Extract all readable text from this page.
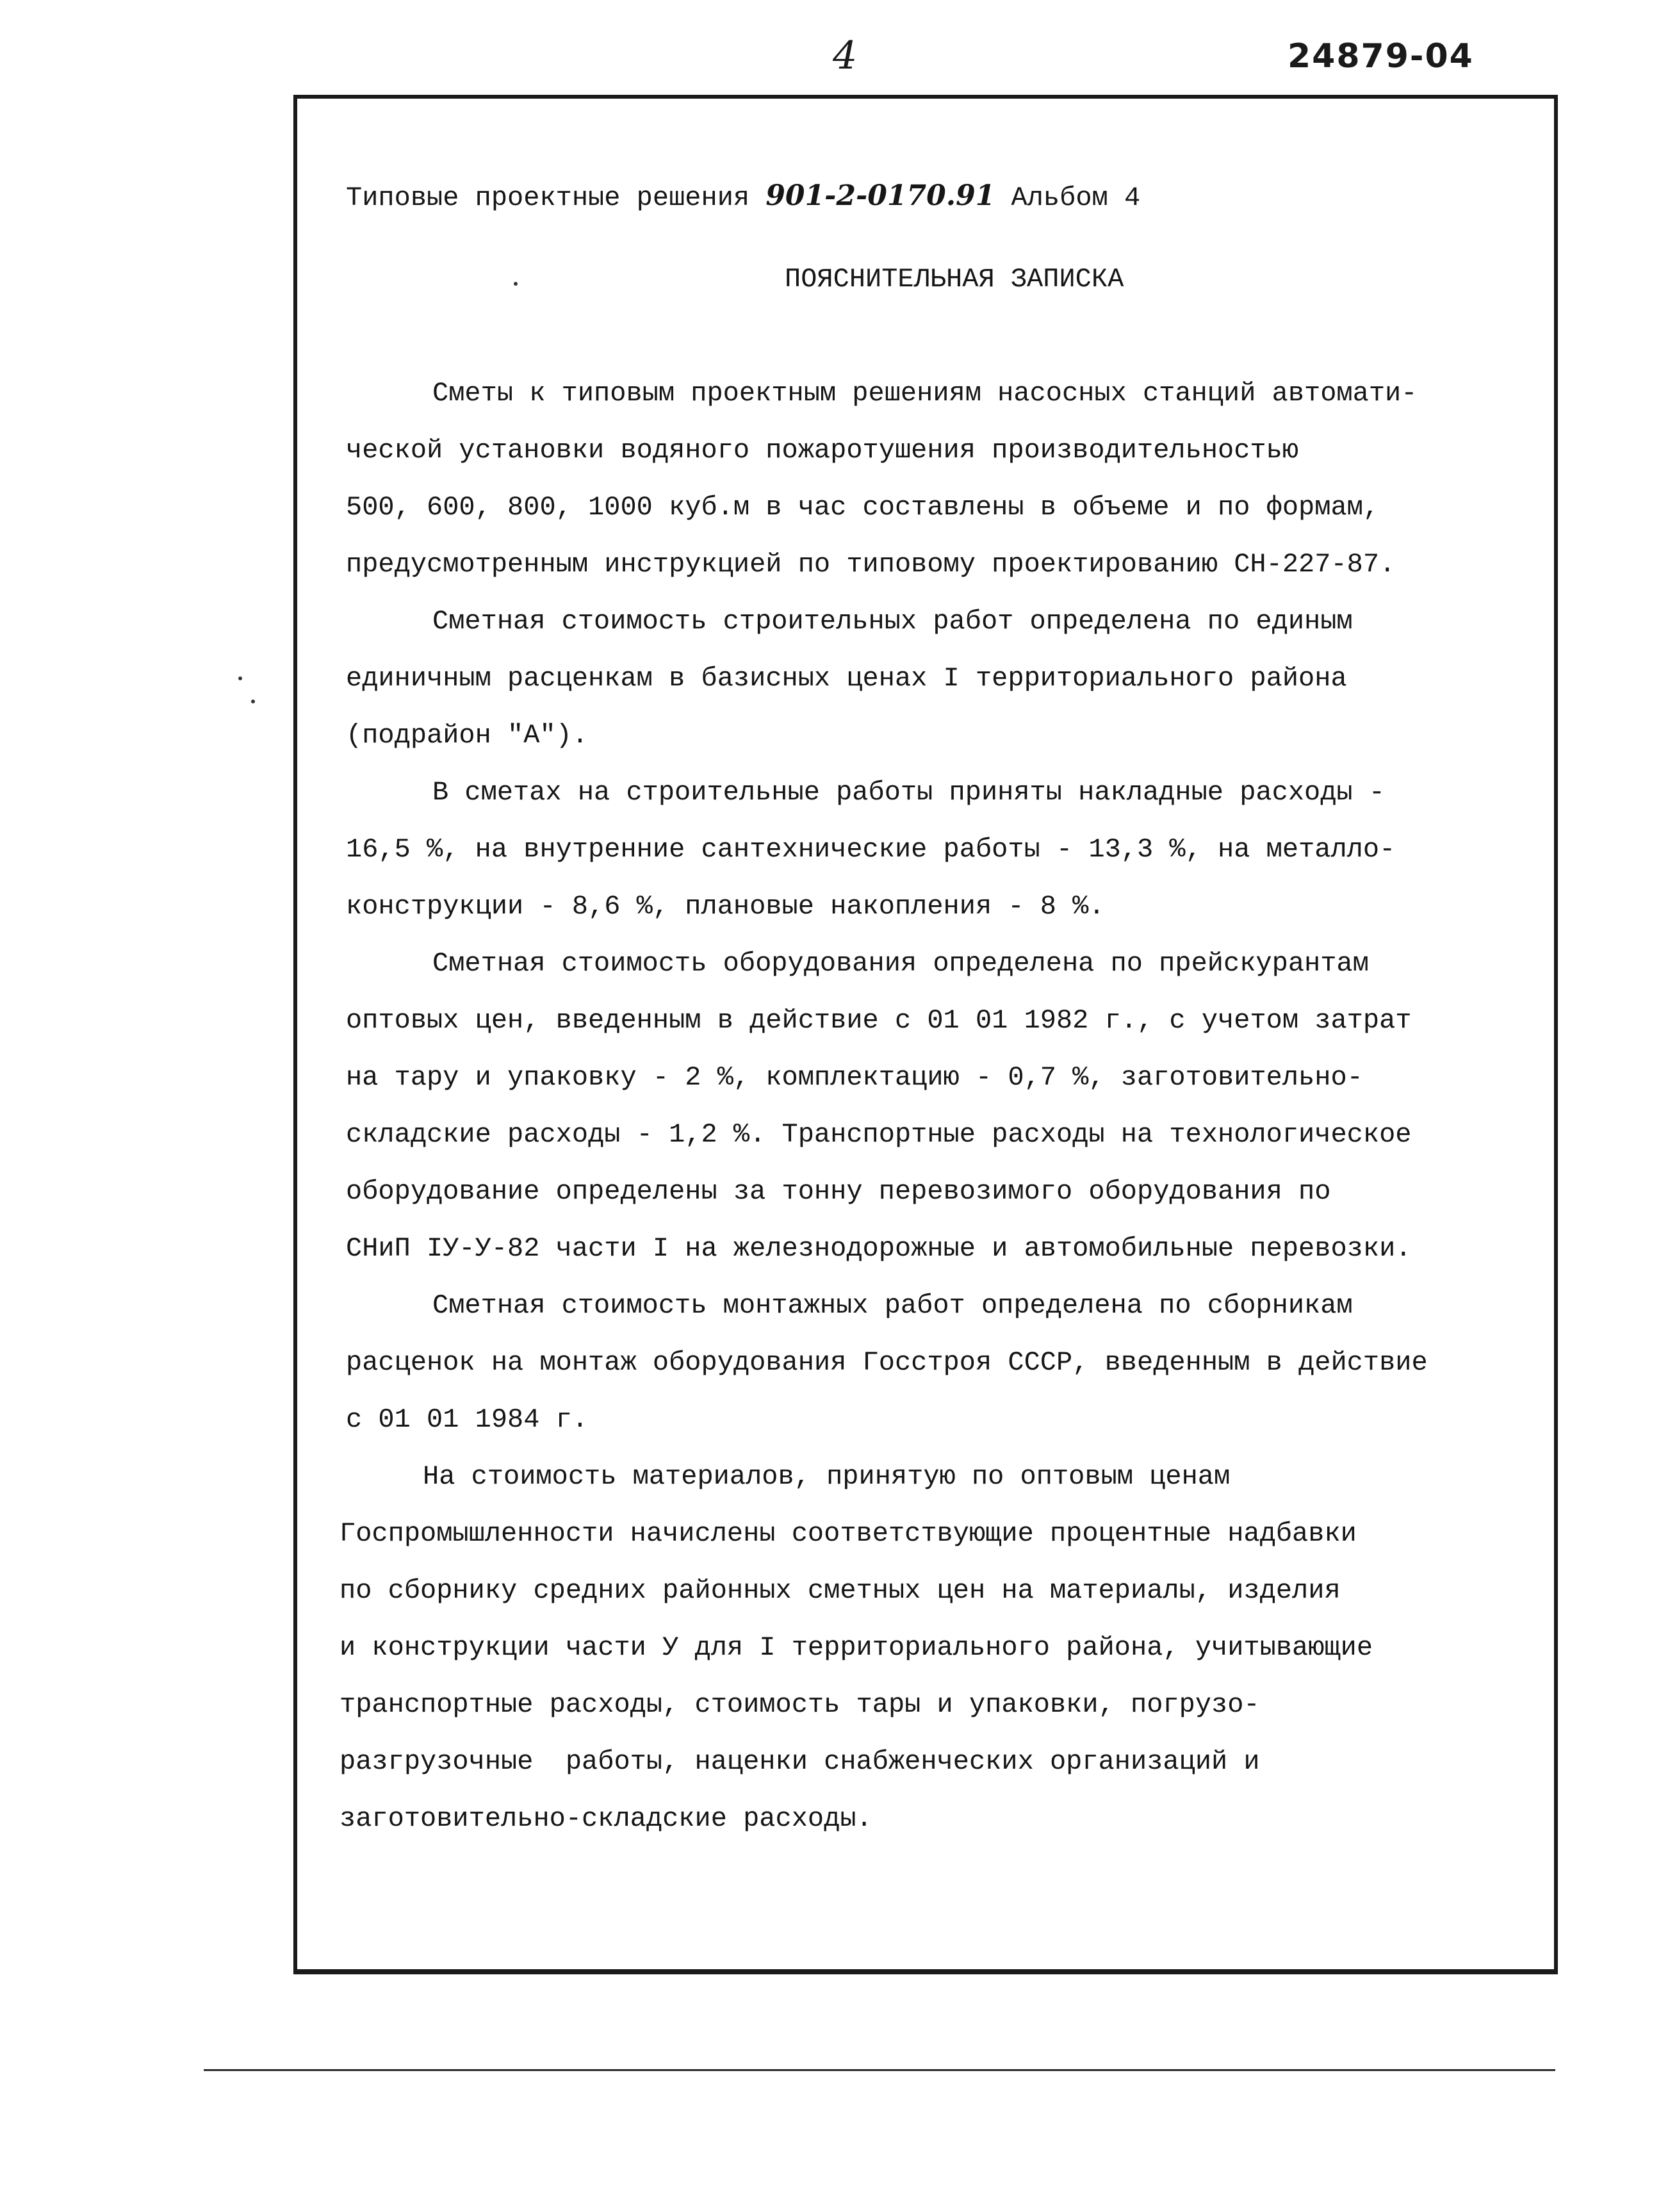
4	24879-04
Типовые проектные решения 901-2-0170.91 Альбом 4
ПОЯСНИТЕЛЬНАЯ ЗАПИСКА
Сметы к типовым проектным решениям насосных станций автомати-
ческой установки водяного пожаротушения производительностью
500, 600, 800, 1000 куб.м в час составлены в объеме и по формам,
предусмотренным инструкцией по типовому проектированию СН-227-87.
Сметная стоимость строительных работ определена по единым
единичным расценкам в базисных ценах I территориального района
(подрайон "А").
В сметах на строительные работы приняты накладные расходы -
16,5 %, на внутренние сантехнические работы - 13,3 %, на металло-
конструкции - 8,6 %, плановые накопления - 8 %.
Сметная стоимость оборудования определена по прейскурантам
оптовых цен, введенным в действие с 01 01 1982 г., с учетом затрат
на тару и упаковку - 2 %, комплектацию - 0,7 %, заготовительно-
складские расходы - 1,2 %. Транспортные расходы на технологическое
оборудование определены за тонну перевозимого оборудования по
СНиП IУ-У-82 части I на железнодорожные и автомобильные перевозки.
Сметная стоимость монтажных работ определена по сборникам
расценок на монтаж оборудования Госстроя СССР, введенным в действие
с 01 01 1984 г.
На стоимость материалов, принятую по оптовым ценам
Госпромышленности начислены соответствующие процентные надбавки
по сборнику средних районных сметных цен на материалы, изделия
и конструкции части У для I территориального района, учитывающие
транспортные расходы, стоимость тары и упаковки, погрузо-
разгрузочные  работы, наценки снабженческих организаций и
заготовительно-складские расходы.
